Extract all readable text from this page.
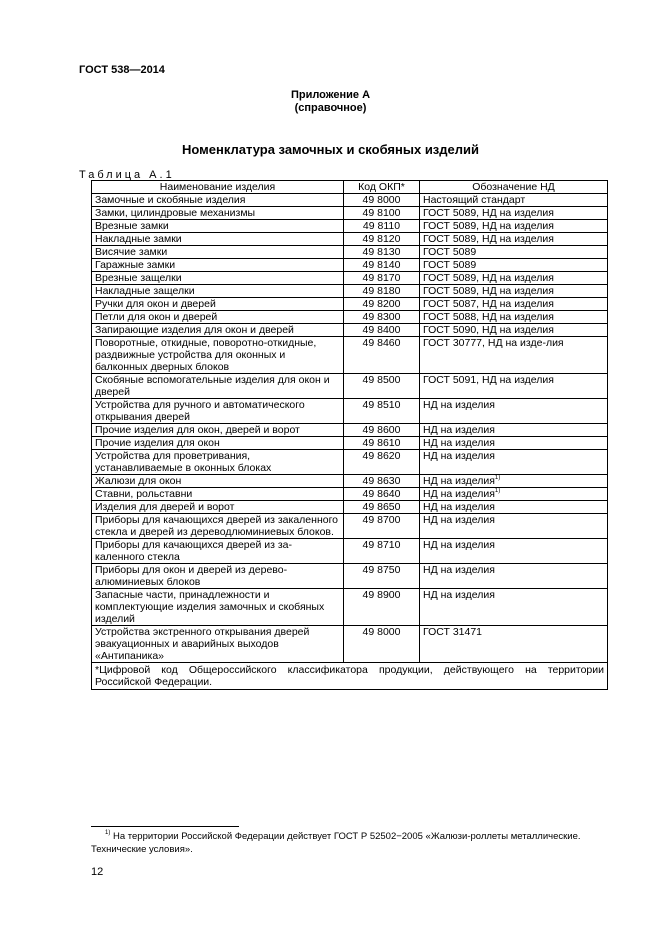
ГОСТ 538—2014
Приложение А
(справочное)
Номенклатура замочных и скобяных изделий
Таблица А.1
Наименование изделия	Код ОКП*	Обозначение НД
Замочные и скобяные изделия	49 8000	Настоящий стандарт
Замки, цилиндровые механизмы	49 8100	ГОСТ 5089, НД на изделия
Врезные замки	49 8110	ГОСТ 5089, НД на изделия
Накладные замки	49 8120	ГОСТ 5089, НД на изделия
Висячие замки	49 8130	ГОСТ 5089
Гаражные замки	49 8140	ГОСТ 5089
Врезные защелки	49 8170	ГОСТ 5089, НД на изделия
Накладные защелки	49 8180	ГОСТ 5089, НД на изделия
Ручки для окон и дверей	49 8200	ГОСТ 5087, НД на изделия
Петли для окон и дверей	49 8300	ГОСТ 5088, НД на изделия
Запирающие изделия для окон и дверей	49 8400	ГОСТ 5090, НД на изделия
Поворотные, откидные, поворотно-откидные, раздвижные устройства для оконных и балконных дверных блоков	49 8460	ГОСТ 30777, НД на изде-лия
Скобяные вспомогательные изделия для окон и дверей	49 8500	ГОСТ 5091, НД на изделия
Устройства для ручного и автоматического открывания дверей	49 8510	НД на изделия
Прочие изделия для окон, дверей и ворот	49 8600	НД на изделия
Прочие изделия для окон	49 8610	НД на изделия
Устройства для проветривания, устанавливаемые в оконных блоках	49 8620	НД на изделия
Жалюзи для окон	49 8630	НД на изделия$^{1)}$
Ставни, рольставни	49 8640	НД на изделия$^{1)}$
Изделия для дверей и ворот	49 8650	НД на изделия
Приборы для качающихся дверей из закаленного стекла и дверей из дереводлюминиевых блоков.	49 8700	НД на изделия
Приборы для качающихся дверей из за-каленного стекла	49 8710	НД на изделия
Приборы для окон и дверей из дерево-алюминиевых блоков	49 8750	НД на изделия
Запасные части, принадлежности и комплектующие изделия замочных и скобяных изделий	49 8900	НД на изделия
Устройства экстренного открывания дверей эвакуационных и аварийных выходов «Антипаника»	49 8000	ГОСТ 31471
*Цифровой код Общероссийского классификатора продукции, действующего на территории Российской Федерации.		
$^{1)}$ На территории Российской Федерации действует ГОСТ Р 52502−2005 «Жалюзи-роллеты металлические. Технические условия».
12
